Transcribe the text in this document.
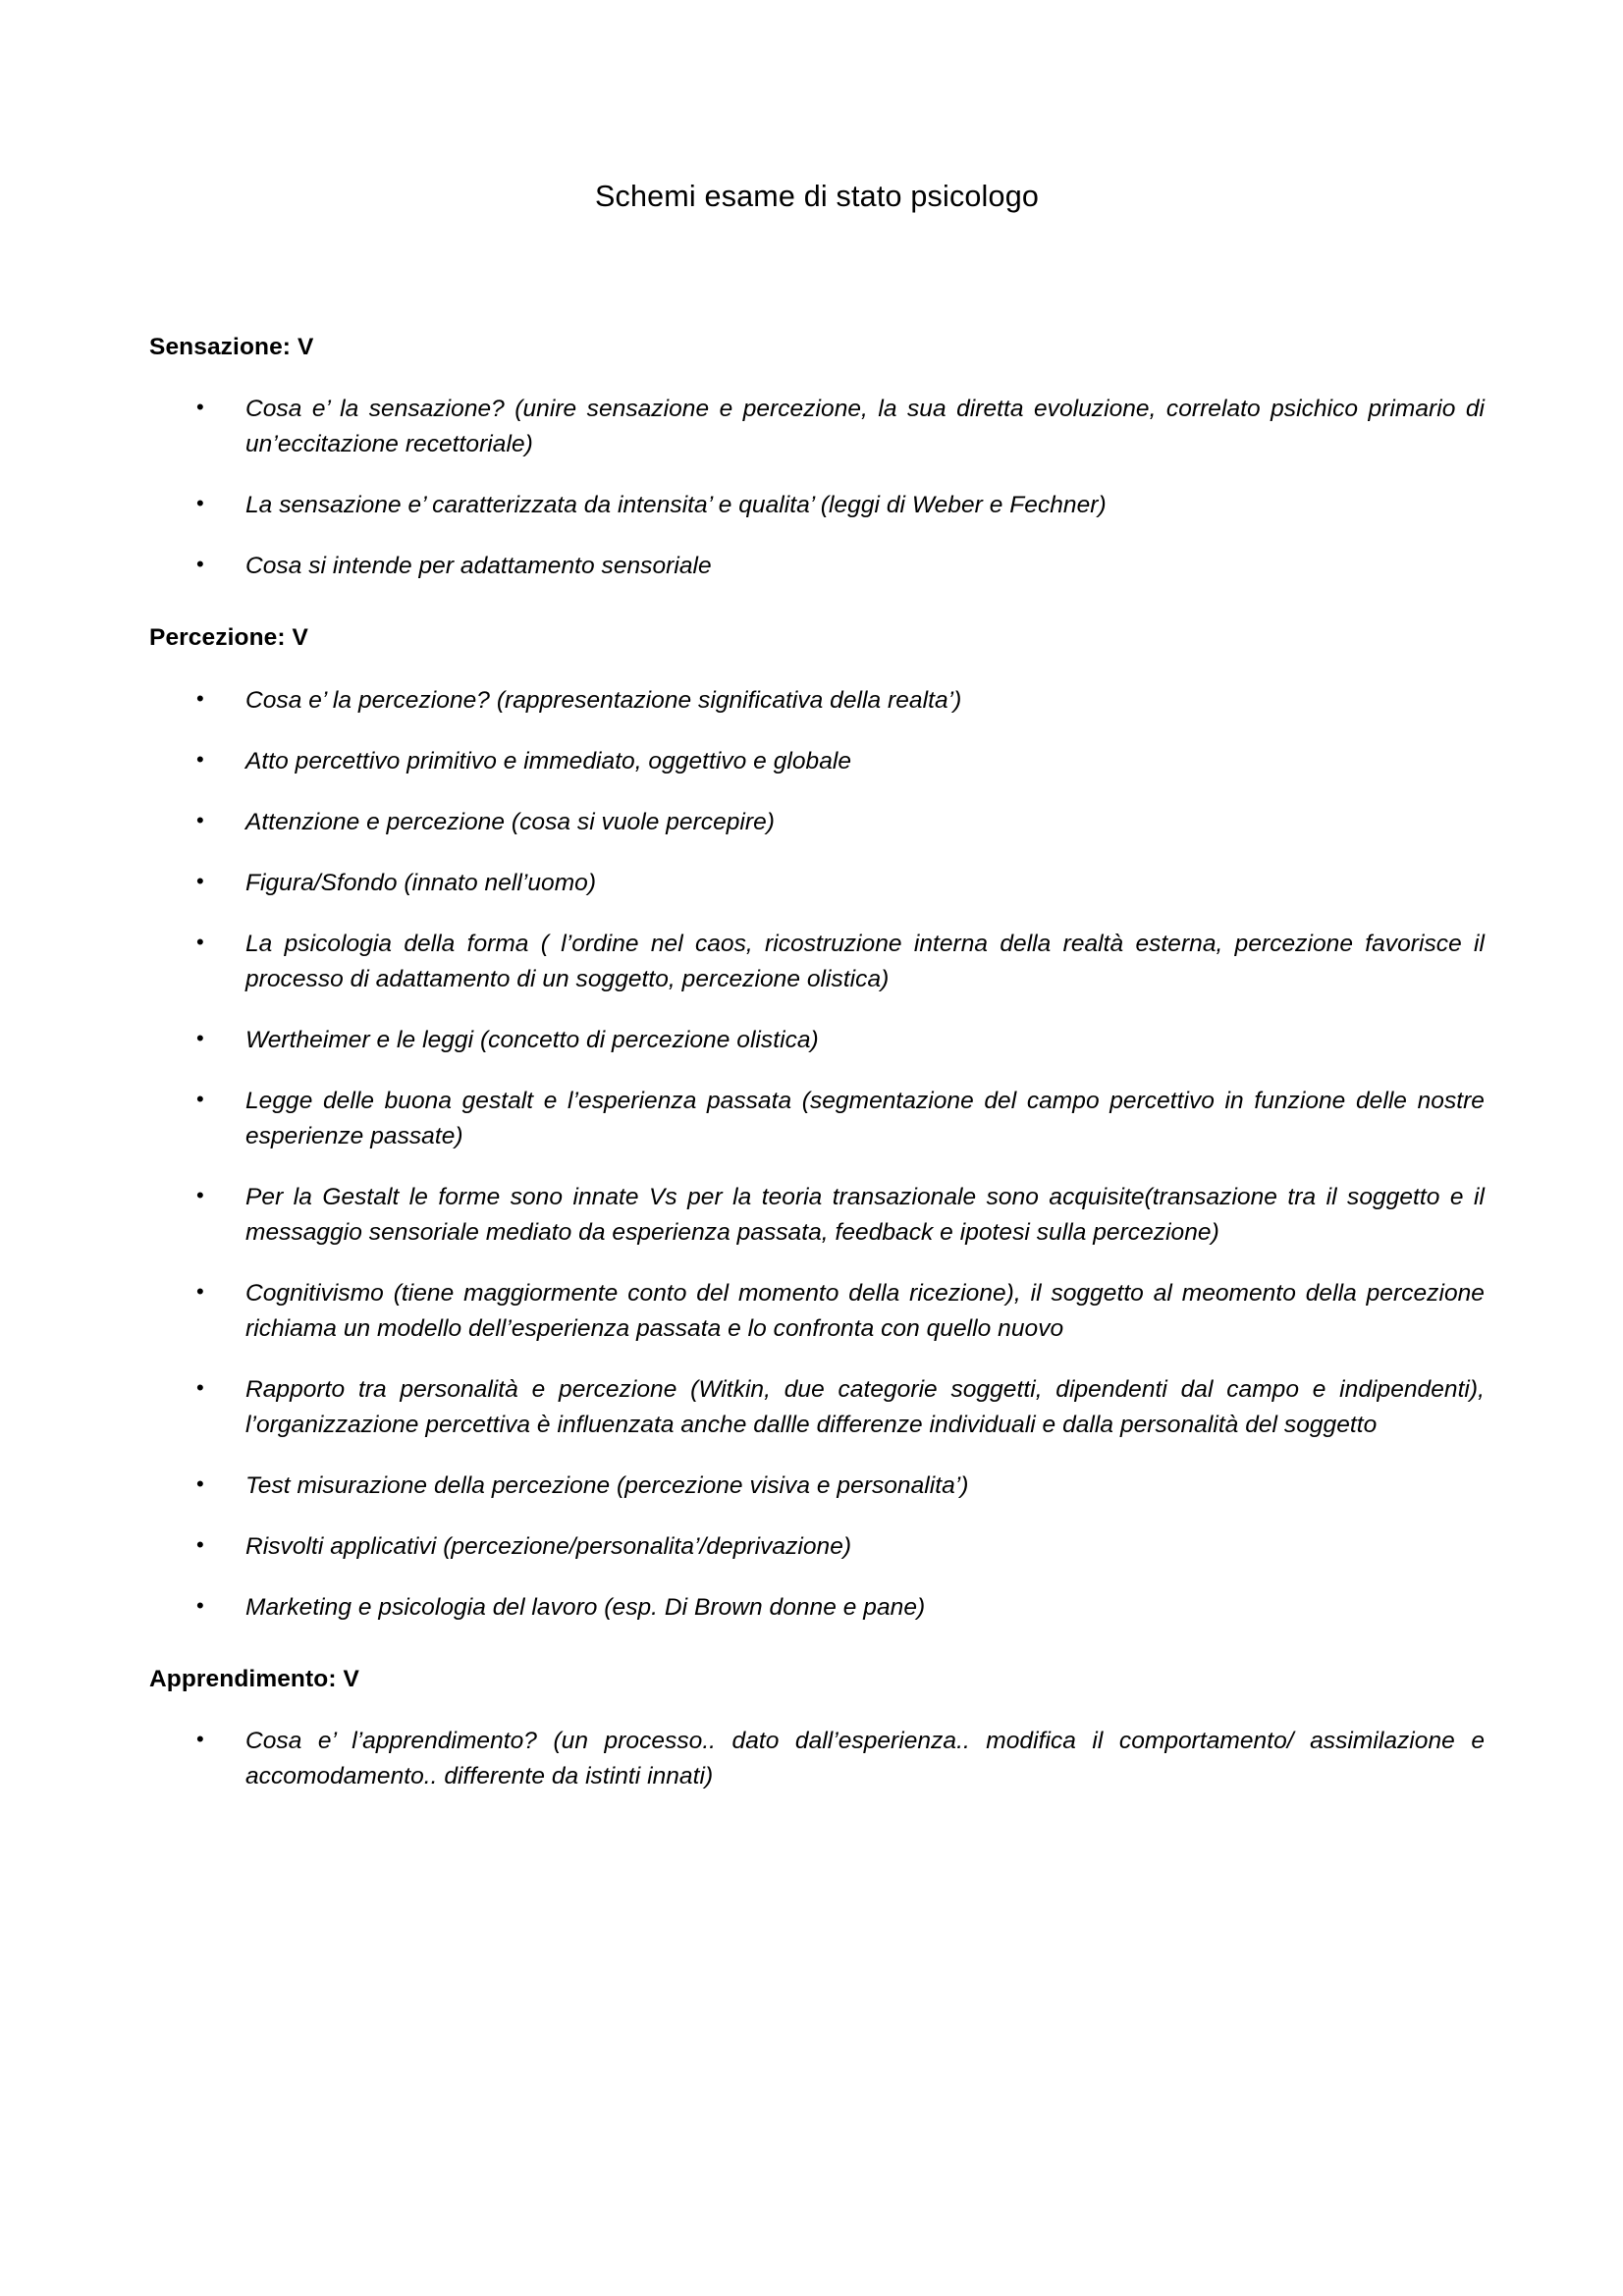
Schemi esame di stato psicologo
Sensazione: V
• Cosa e’ la sensazione? (unire sensazione e percezione, la sua diretta evoluzione, correlato psichico primario di un’eccitazione recettoriale)
• La sensazione e’ caratterizzata da intensita’ e qualita’ (leggi di Weber e Fechner)
• Cosa si intende per adattamento sensoriale
Percezione: V
• Cosa e’ la percezione? (rappresentazione significativa della realta’)
• Atto percettivo primitivo e immediato, oggettivo e globale
• Attenzione e percezione (cosa si vuole percepire)
• Figura/Sfondo (innato nell’uomo)
• La psicologia della forma ( l’ordine nel caos, ricostruzione interna della realtà esterna, percezione favorisce il processo di adattamento di un soggetto, percezione olistica)
• Wertheimer e le leggi (concetto di percezione olistica)
• Legge delle buona gestalt e l’esperienza passata (segmentazione del campo percettivo in funzione delle nostre esperienze passate)
• Per la Gestalt le forme sono innate Vs per la teoria transazionale sono acquisite(transazione tra il soggetto e il messaggio sensoriale mediato da esperienza passata, feedback e ipotesi sulla percezione)
• Cognitivismo (tiene maggiormente conto del momento della ricezione), il soggetto al meomento della percezione richiama un modello dell’esperienza passata e lo confronta con quello nuovo
• Rapporto tra personalità e percezione (Witkin, due categorie soggetti, dipendenti dal campo e indipendenti), l’organizzazione percettiva è influenzata anche dallle differenze individuali e dalla personalità del soggetto
• Test misurazione della percezione (percezione visiva e personalita’)
• Risvolti applicativi (percezione/personalita’/deprivazione)
• Marketing e psicologia del lavoro (esp. Di Brown donne e pane)
Apprendimento: V
• Cosa e’ l’apprendimento? (un processo.. dato dall’esperienza.. modifica il comportamento/ assimilazione e accomodamento.. differente da istinti innati)
